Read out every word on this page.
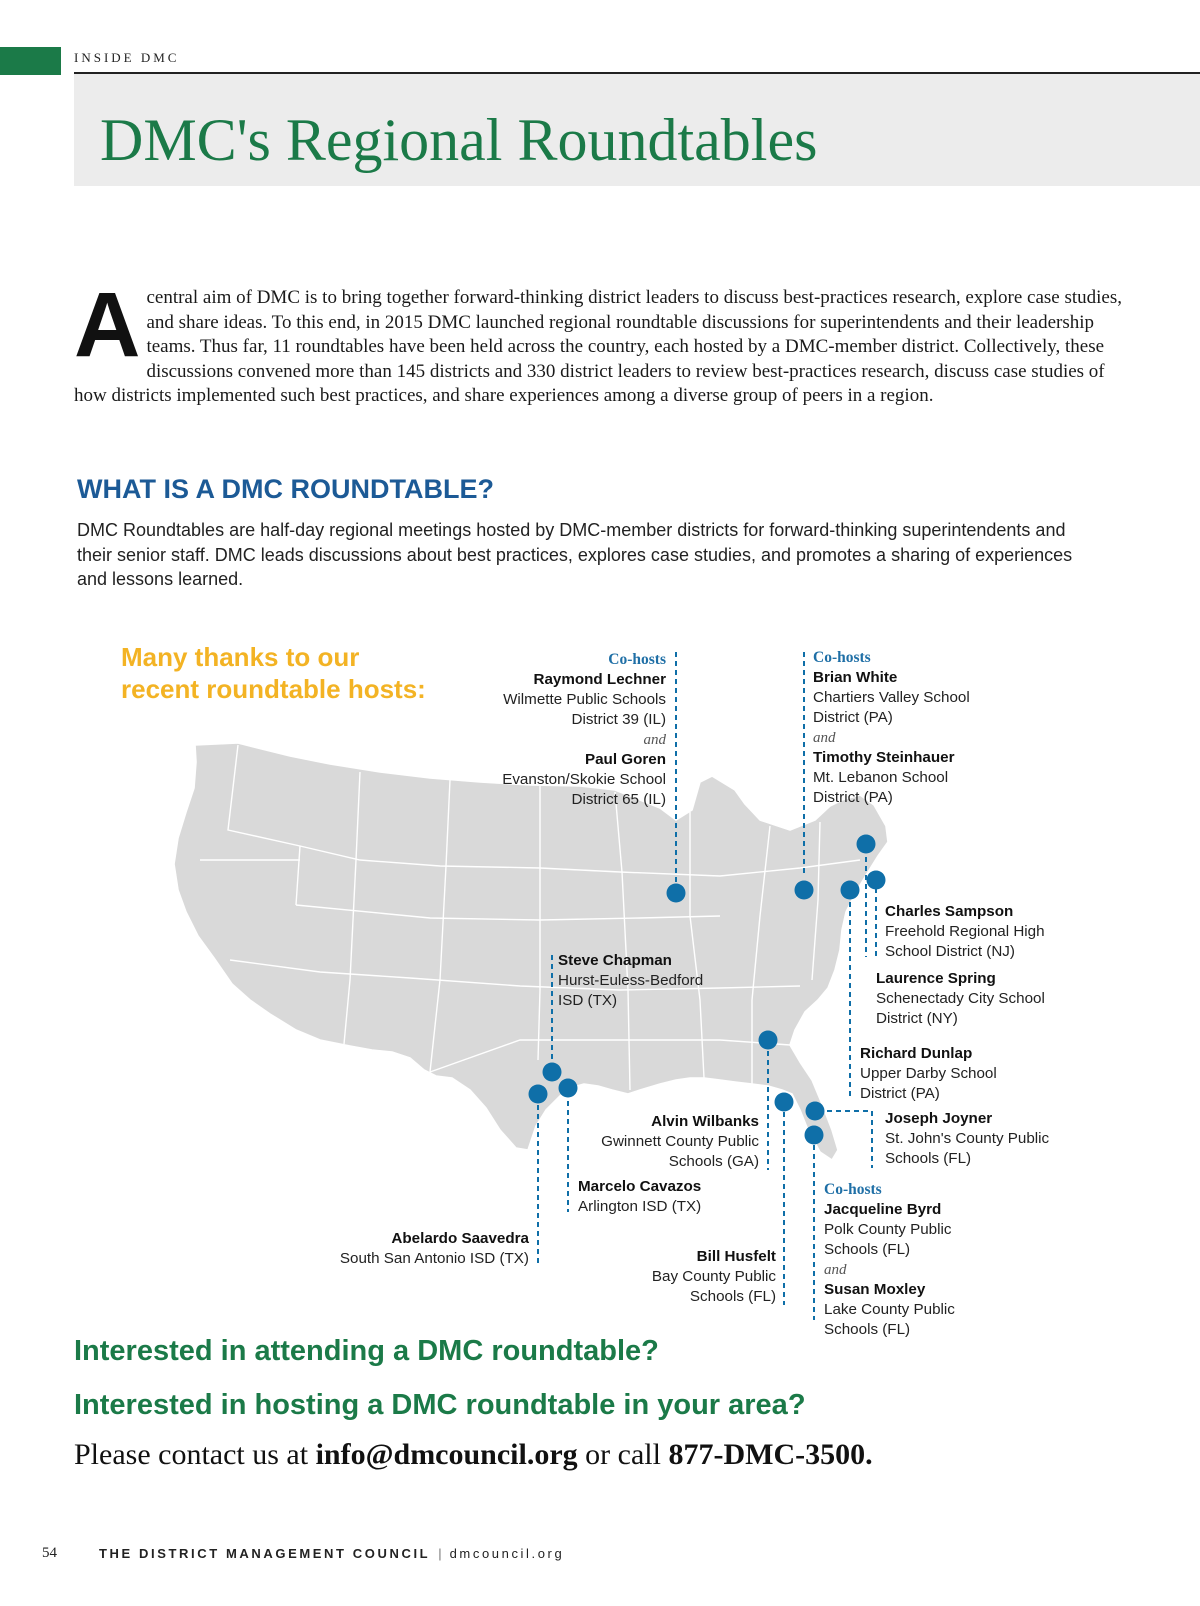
INSIDE DMC
DMC's Regional Roundtables
A central aim of DMC is to bring together forward-thinking district leaders to discuss best-practices research, explore case studies, and share ideas. To this end, in 2015 DMC launched regional roundtable discussions for superintendents and their leadership teams. Thus far, 11 roundtables have been held across the country, each hosted by a DMC-member district. Collectively, these discussions convened more than 145 districts and 330 district leaders to review best-practices research, discuss case studies of how districts implemented such best practices, and share experiences among a diverse group of peers in a region.
WHAT IS A DMC ROUNDTABLE?
DMC Roundtables are half-day regional meetings hosted by DMC-member districts for forward-thinking superintendents and their senior staff. DMC leads discussions about best practices, explores case studies, and promotes a sharing of experiences and lessons learned.
Many thanks to our
recent roundtable hosts:
Co-hosts
Raymond Lechner
Wilmette Public Schools
District 39 (IL)
and
Paul Goren
Evanston/Skokie School
District 65 (IL)
Co-hosts
Brian White
Chartiers Valley School
District (PA)
and
Timothy Steinhauer
Mt. Lebanon School
District (PA)
Charles Sampson
Freehold Regional High
School District (NJ)
Laurence Spring
Schenectady City School
District (NY)
Richard Dunlap
Upper Darby School
District (PA)
Joseph Joyner
St. John's County Public
Schools (FL)
Steve Chapman
Hurst-Euless-Bedford
ISD (TX)
Alvin Wilbanks
Gwinnett County Public
Schools (GA)
Marcelo Cavazos
Arlington ISD (TX)
Abelardo Saavedra
South San Antonio ISD (TX)	Bill Husfelt
Bay County Public
Schools (FL)
Co-hosts
Jacqueline Byrd
Polk County Public
Schools (FL)
and
Susan Moxley
Lake County Public
Schools (FL)
Interested in attending a DMC roundtable?
Interested in hosting a DMC roundtable in your area?
Please contact us at info@dmcouncil.org or call 877-DMC-3500.
54	THE DISTRICT MANAGEMENT COUNCIL | dmcouncil.org
